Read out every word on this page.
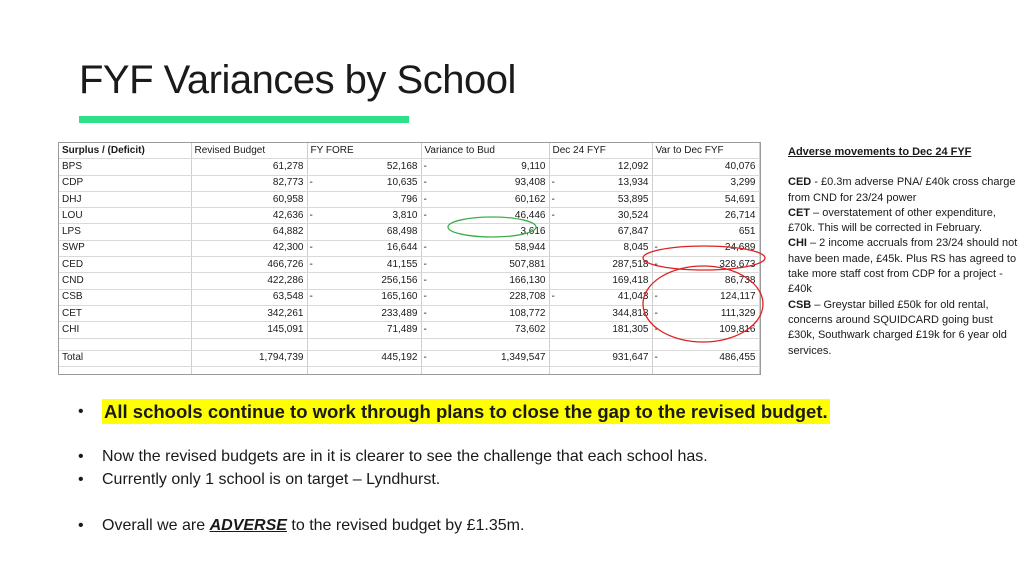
FYF Variances by School
Surplus / (Deficit)	Revised Budget	FY FORE	Variance to Bud	Dec 24 FYF	Var to Dec FYF
BPS	61,278	52,168	- 9,110	12,092	40,076

CDP	82,773	- 10,635	- 93,408	- 13,934	3,299

DHJ	60,958	796	- 60,162	- 53,895	54,691

LOU	42,636	- 3,810	- 46,446	- 30,524	26,714

LPS	64,882	68,498	3,616	67,847	651

SWP	42,300	- 16,644	- 58,944	8,045	- 24,689

CED	466,726	- 41,155	- 507,881	287,518	- 328,673

CND	422,286	256,156	- 166,130	169,418	86,738

CSB	63,548	- 165,160	- 228,708	- 41,043	- 124,117

CET	342,261	233,489	- 108,772	344,818	- 111,329

CHI	145,091	71,489	- 73,602	181,305	- 109,816

Total	1,794,739	445,192	- 1,349,547	931,647	- 486,455

Adverse movements to Dec 24 FYF
CED - £0.3m adverse PNA/ £40k cross charge from CND for 23/24 power
CET – overstatement of other expenditure, £70k. This will be corrected in February.
CHI – 2 income accruals from 23/24 should not have been made, £45k. Plus RS has agreed to take more staff cost from CDP for a project - £40k
CSB – Greystar billed £50k for old rental, concerns around SQUIDCARD going bust £30k, Southwark charged £19k for 6 year old services.

• All schools continue to work through plans to close the gap to the revised budget.

• Now the revised budgets are in it is clearer to see the challenge that each school has.

• Currently only 1 school is on target – Lyndhurst.

• Overall we are ADVERSE to the revised budget by £1.35m.
